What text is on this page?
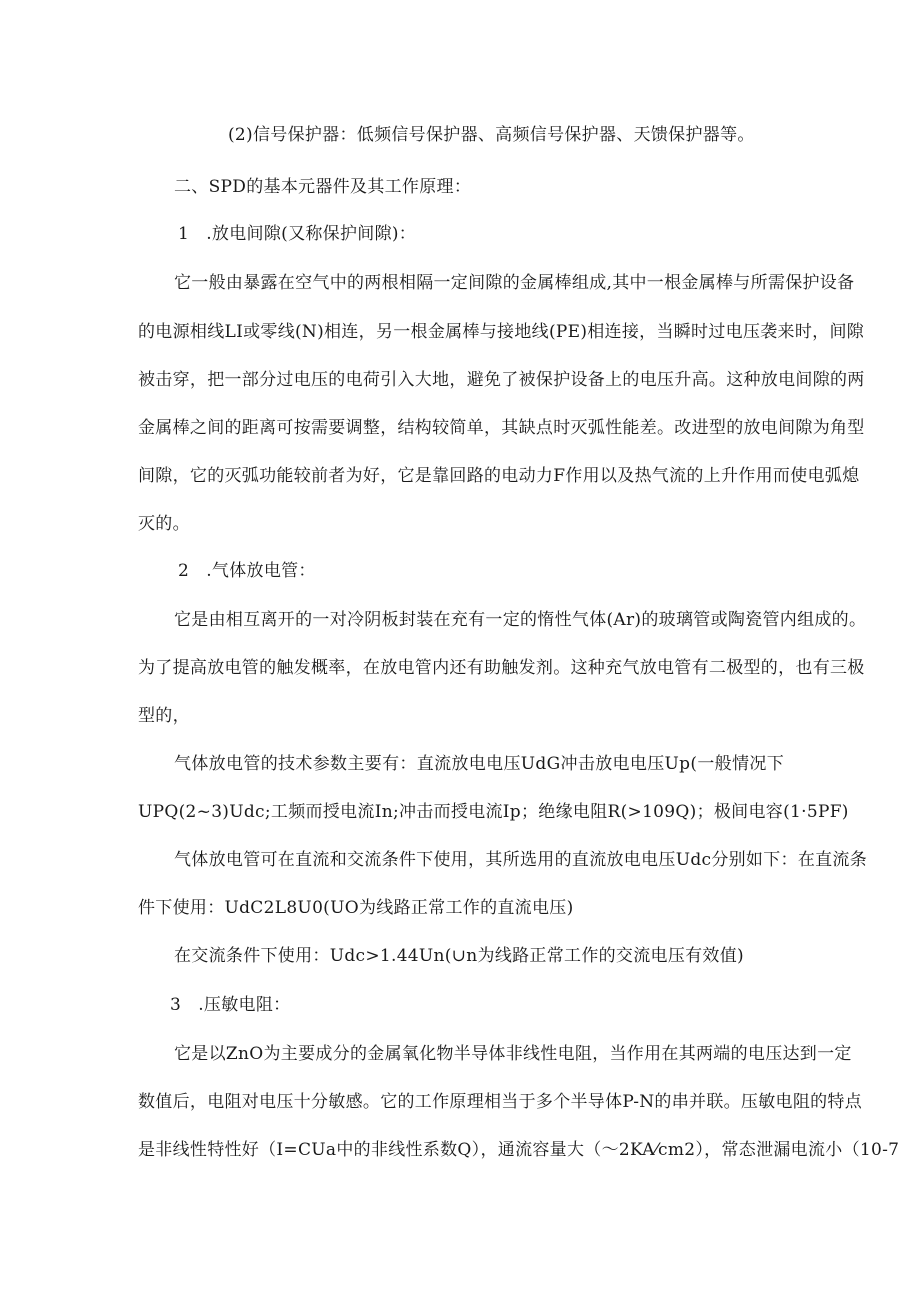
(2)信号保护器：低频信号保护器、高频信号保护器、天馈保护器等。
二、SPD的基本元器件及其工作原理：
1   .放电间隙(又称保护间隙)：
它一般由暴露在空气中的两根相隔一定间隙的金属棒组成,其中一根金属棒与所需保护设备
的电源相线LI或零线(N)相连，另一根金属棒与接地线(PE)相连接，当瞬时过电压袭来时，间隙
被击穿，把一部分过电压的电荷引入大地，避免了被保护设备上的电压升高。这种放电间隙的两
金属棒之间的距离可按需要调整，结构较简单，其缺点时灭弧性能差。改进型的放电间隙为角型
间隙，它的灭弧功能较前者为好，它是靠回路的电动力F作用以及热气流的上升作用而使电弧熄
灭的。
2   .气体放电管：
它是由相互离开的一对冷阴板封装在充有一定的惰性气体(Ar)的玻璃管或陶瓷管内组成的。
为了提高放电管的触发概率，在放电管内还有助触发剂。这种充气放电管有二极型的，也有三极
型的，
气体放电管的技术参数主要有：直流放电电压UdG冲击放电电压Up(一般情况下
UPQ(2~3)Udc;工频而授电流In;冲击而授电流Ip；绝缘电阻R(>109Q)；极间电容(1·5PF)
气体放电管可在直流和交流条件下使用，其所选用的直流放电电压Udc分别如下：在直流条
件下使用：UdC2L8U0(UO为线路正常工作的直流电压)
在交流条件下使用：Udc>1.44Un(∪n为线路正常工作的交流电压有效值)
3   .压敏电阻：
它是以ZnO为主要成分的金属氧化物半导体非线性电阻，当作用在其两端的电压达到一定
数值后，电阻对电压十分敏感。它的工作原理相当于多个半导体P-N的串并联。压敏电阻的特点
是非线性特性好（I=CUa中的非线性系数Q），通流容量大（～2KA⁄cm2），常态泄漏电流小（10-7
